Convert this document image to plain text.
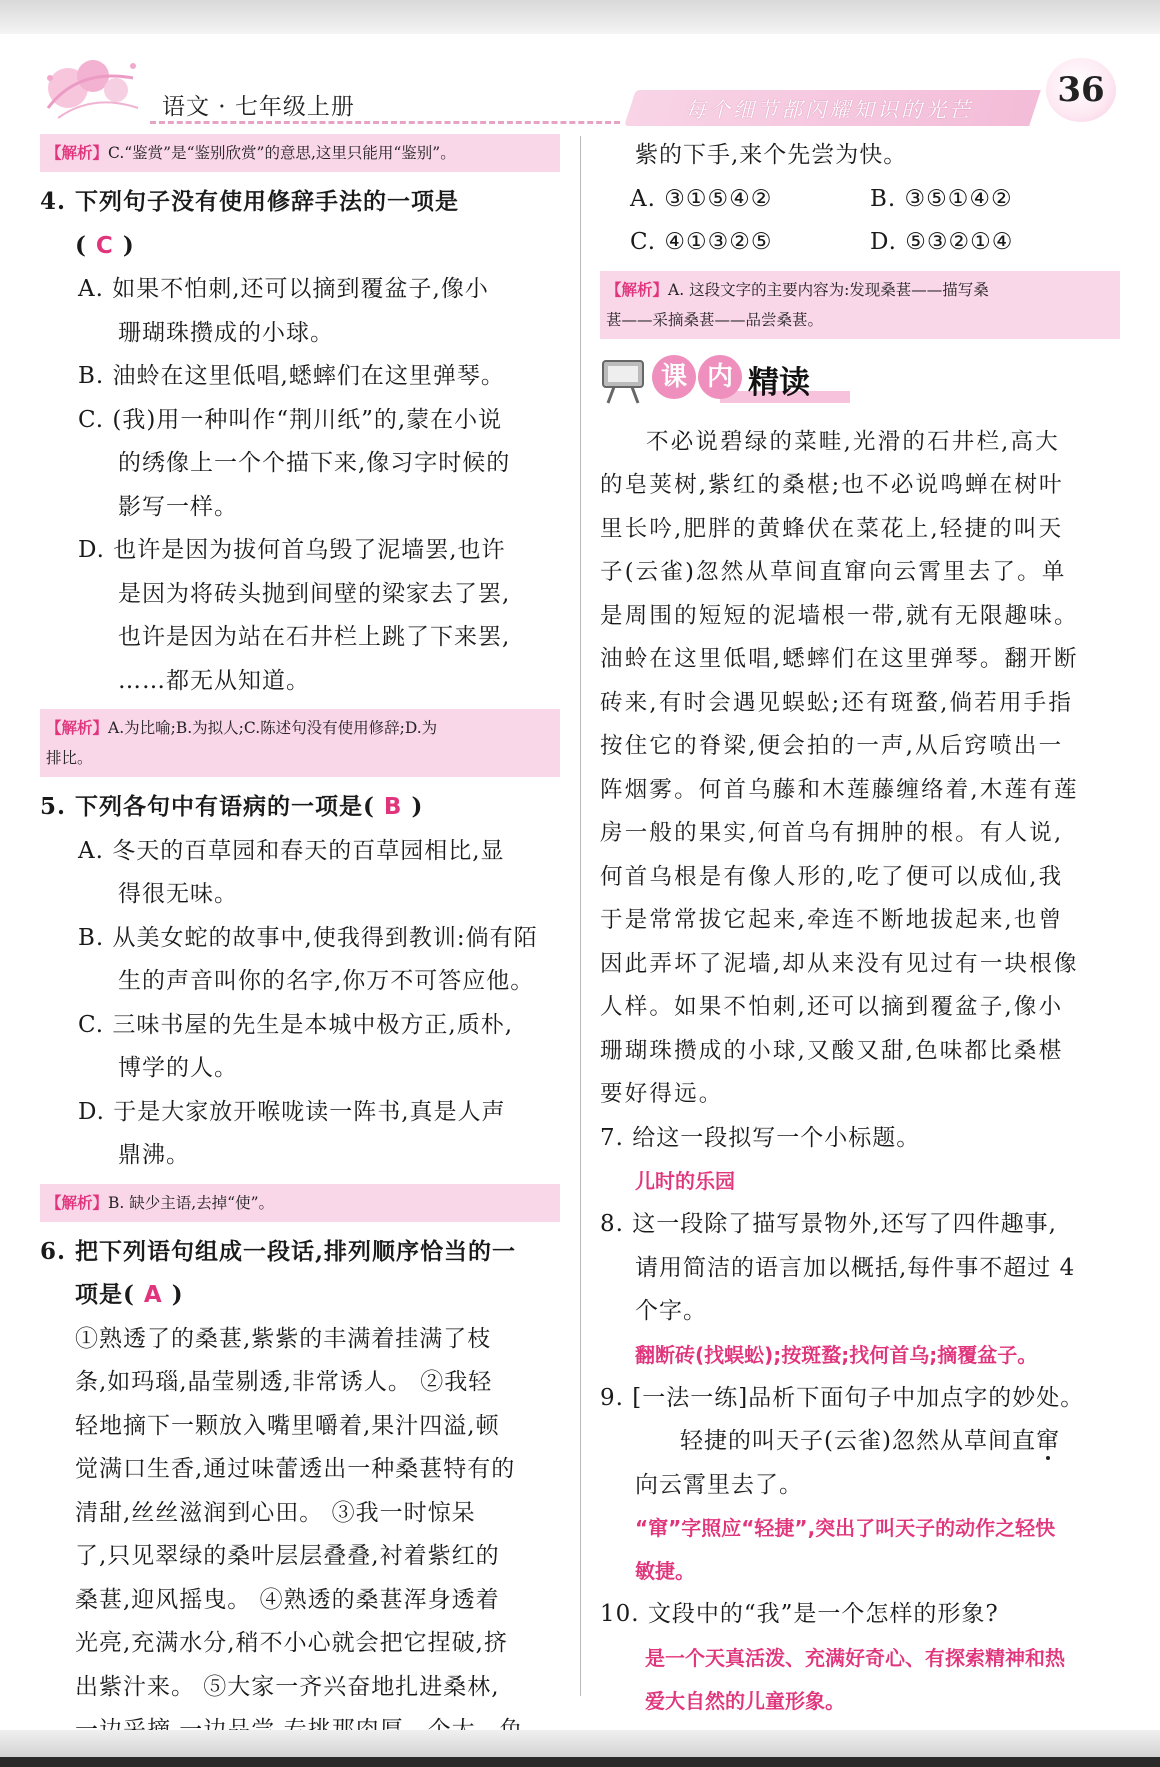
语文 · 七年级上册	每个细节都闪耀知识的光芒	36
【解析】C.“鉴赏”是“鉴别欣赏”的意思,这里只能用“鉴别”。
4. 下列句子没有使用修辞手法的一项是
( C )
A. 如果不怕刺,还可以摘到覆盆子,像小
珊瑚珠攒成的小球。
B. 油蛉在这里低唱,蟋蟀们在这里弹琴。
C. (我)用一种叫作“荆川纸”的,蒙在小说
的绣像上一个个描下来,像习字时候的
影写一样。
D. 也许是因为拔何首乌毁了泥墙罢,也许
是因为将砖头抛到间壁的梁家去了罢,
也许是因为站在石井栏上跳了下来罢,
……都无从知道。
【解析】A.为比喻;B.为拟人;C.陈述句没有使用修辞;D.为
排比。
5. 下列各句中有语病的一项是( B )
A. 冬天的百草园和春天的百草园相比,显
得很无味。
B. 从美女蛇的故事中,使我得到教训:倘有陌
生的声音叫你的名字,你万不可答应他。
C. 三味书屋的先生是本城中极方正,质朴,
博学的人。
D. 于是大家放开喉咙读一阵书,真是人声
鼎沸。
【解析】B. 缺少主语,去掉“使”。
6. 把下列语句组成一段话,排列顺序恰当的一
项是( A )
①熟透了的桑葚,紫紫的丰满着挂满了枝
条,如玛瑙,晶莹剔透,非常诱人。 ②我轻
轻地摘下一颗放入嘴里嚼着,果汁四溢,顿
觉满口生香,通过味蕾透出一种桑葚特有的
清甜,丝丝滋润到心田。 ③我一时惊呆
了,只见翠绿的桑叶层层叠叠,衬着紫红的
桑葚,迎风摇曳。 ④熟透的桑葚浑身透着
光亮,充满水分,稍不小心就会把它捏破,挤
出紫汁来。 ⑤大家一齐兴奋地扎进桑林,
紫的下手,来个先尝为快。
A. ③①⑤④②	B. ③⑤①④②
C. ④①③②⑤	D. ⑤③②①④
【解析】A. 这段文字的主要内容为:发现桑葚——描写桑
葚——采摘桑葚——品尝桑葚。
课 内 精读
不必说碧绿的菜畦,光滑的石井栏,高大
的皂荚树,紫红的桑椹;也不必说鸣蝉在树叶
里长吟,肥胖的黄蜂伏在菜花上,轻捷的叫天
子(云雀)忽然从草间直窜向云霄里去了。单
是周围的短短的泥墙根一带,就有无限趣味。
油蛉在这里低唱,蟋蟀们在这里弹琴。翻开断
砖来,有时会遇见蜈蚣;还有斑蝥,倘若用手指
按住它的脊梁,便会拍的一声,从后窍喷出一
阵烟雾。何首乌藤和木莲藤缠络着,木莲有莲
房一般的果实,何首乌有拥肿的根。有人说,
何首乌根是有像人形的,吃了便可以成仙,我
于是常常拔它起来,牵连不断地拔起来,也曾
因此弄坏了泥墙,却从来没有见过有一块根像
人样。如果不怕刺,还可以摘到覆盆子,像小
珊瑚珠攒成的小球,又酸又甜,色味都比桑椹
要好得远。
7. 给这一段拟写一个小标题。
儿时的乐园
8. 这一段除了描写景物外,还写了四件趣事,
请用简洁的语言加以概括,每件事不超过 4
个字。
翻断砖(找蜈蚣);按斑蝥;找何首乌;摘覆盆子。
9. [一法一练]品析下面句子中加点字的妙处。
轻捷的叫天子(云雀)忽然从草间直窜
向云霄里去了。
“窜”字照应“轻捷”,突出了叫天子的动作之轻快
敏捷。
10. 文段中的“我”是一个怎样的形象?
是一个天真活泼、充满好奇心、有探索精神和热
爱大自然的儿童形象。
